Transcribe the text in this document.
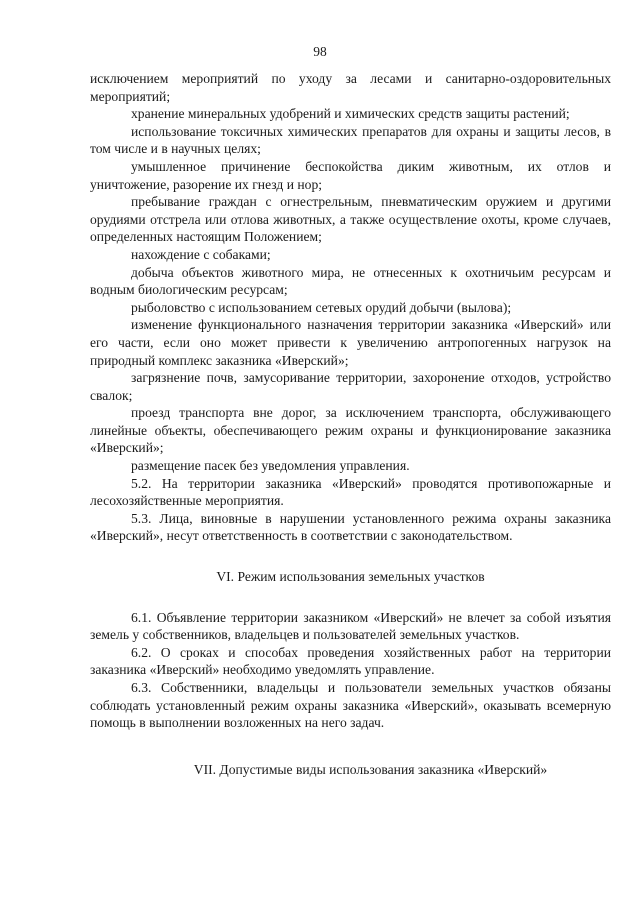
98

исключением мероприятий по уходу за лесами и санитарно-оздоровительных мероприятий;

хранение минеральных удобрений и химических средств защиты растений;

использование токсичных химических препаратов для охраны и защиты лесов, в том числе и в научных целях;

умышленное причинение беспокойства диким животным, их отлов и уничтожение, разорение их гнезд и нор;

пребывание граждан с огнестрельным, пневматическим оружием и другими орудиями отстрела или отлова животных, а также осуществление охоты, кроме случаев, определенных настоящим Положением;

нахождение с собаками;

добыча объектов животного мира, не отнесенных к охотничьим ресурсам и водным биологическим ресурсам;

рыболовство с использованием сетевых орудий добычи (вылова);

изменение функционального назначения территории заказника «Иверский» или его части, если оно может привести к увеличению антропогенных нагрузок на природный комплекс заказника «Иверский»;

загрязнение почв, замусоривание территории, захоронение отходов, устройство свалок;

проезд транспорта вне дорог, за исключением транспорта, обслуживающего линейные объекты, обеспечивающего режим охраны и функционирование заказника «Иверский»;

размещение пасек без уведомления управления.

5.2. На территории заказника «Иверский» проводятся противопожарные и лесохозяйственные мероприятия.

5.3. Лица, виновные в нарушении установленного режима охраны заказника «Иверский», несут ответственность в соответствии с законодательством.

VI. Режим использования земельных участков

6.1. Объявление территории заказником «Иверский» не влечет за собой изъятия земель у собственников, владельцев и пользователей земельных участков.

6.2. О сроках и способах проведения хозяйственных работ на территории заказника «Иверский» необходимо уведомлять управление.

6.3. Собственники, владельцы и пользователи земельных участков обязаны соблюдать установленный режим охраны заказника «Иверский», оказывать всемерную помощь в выполнении возложенных на него задач.

VII. Допустимые виды использования заказника «Иверский»
